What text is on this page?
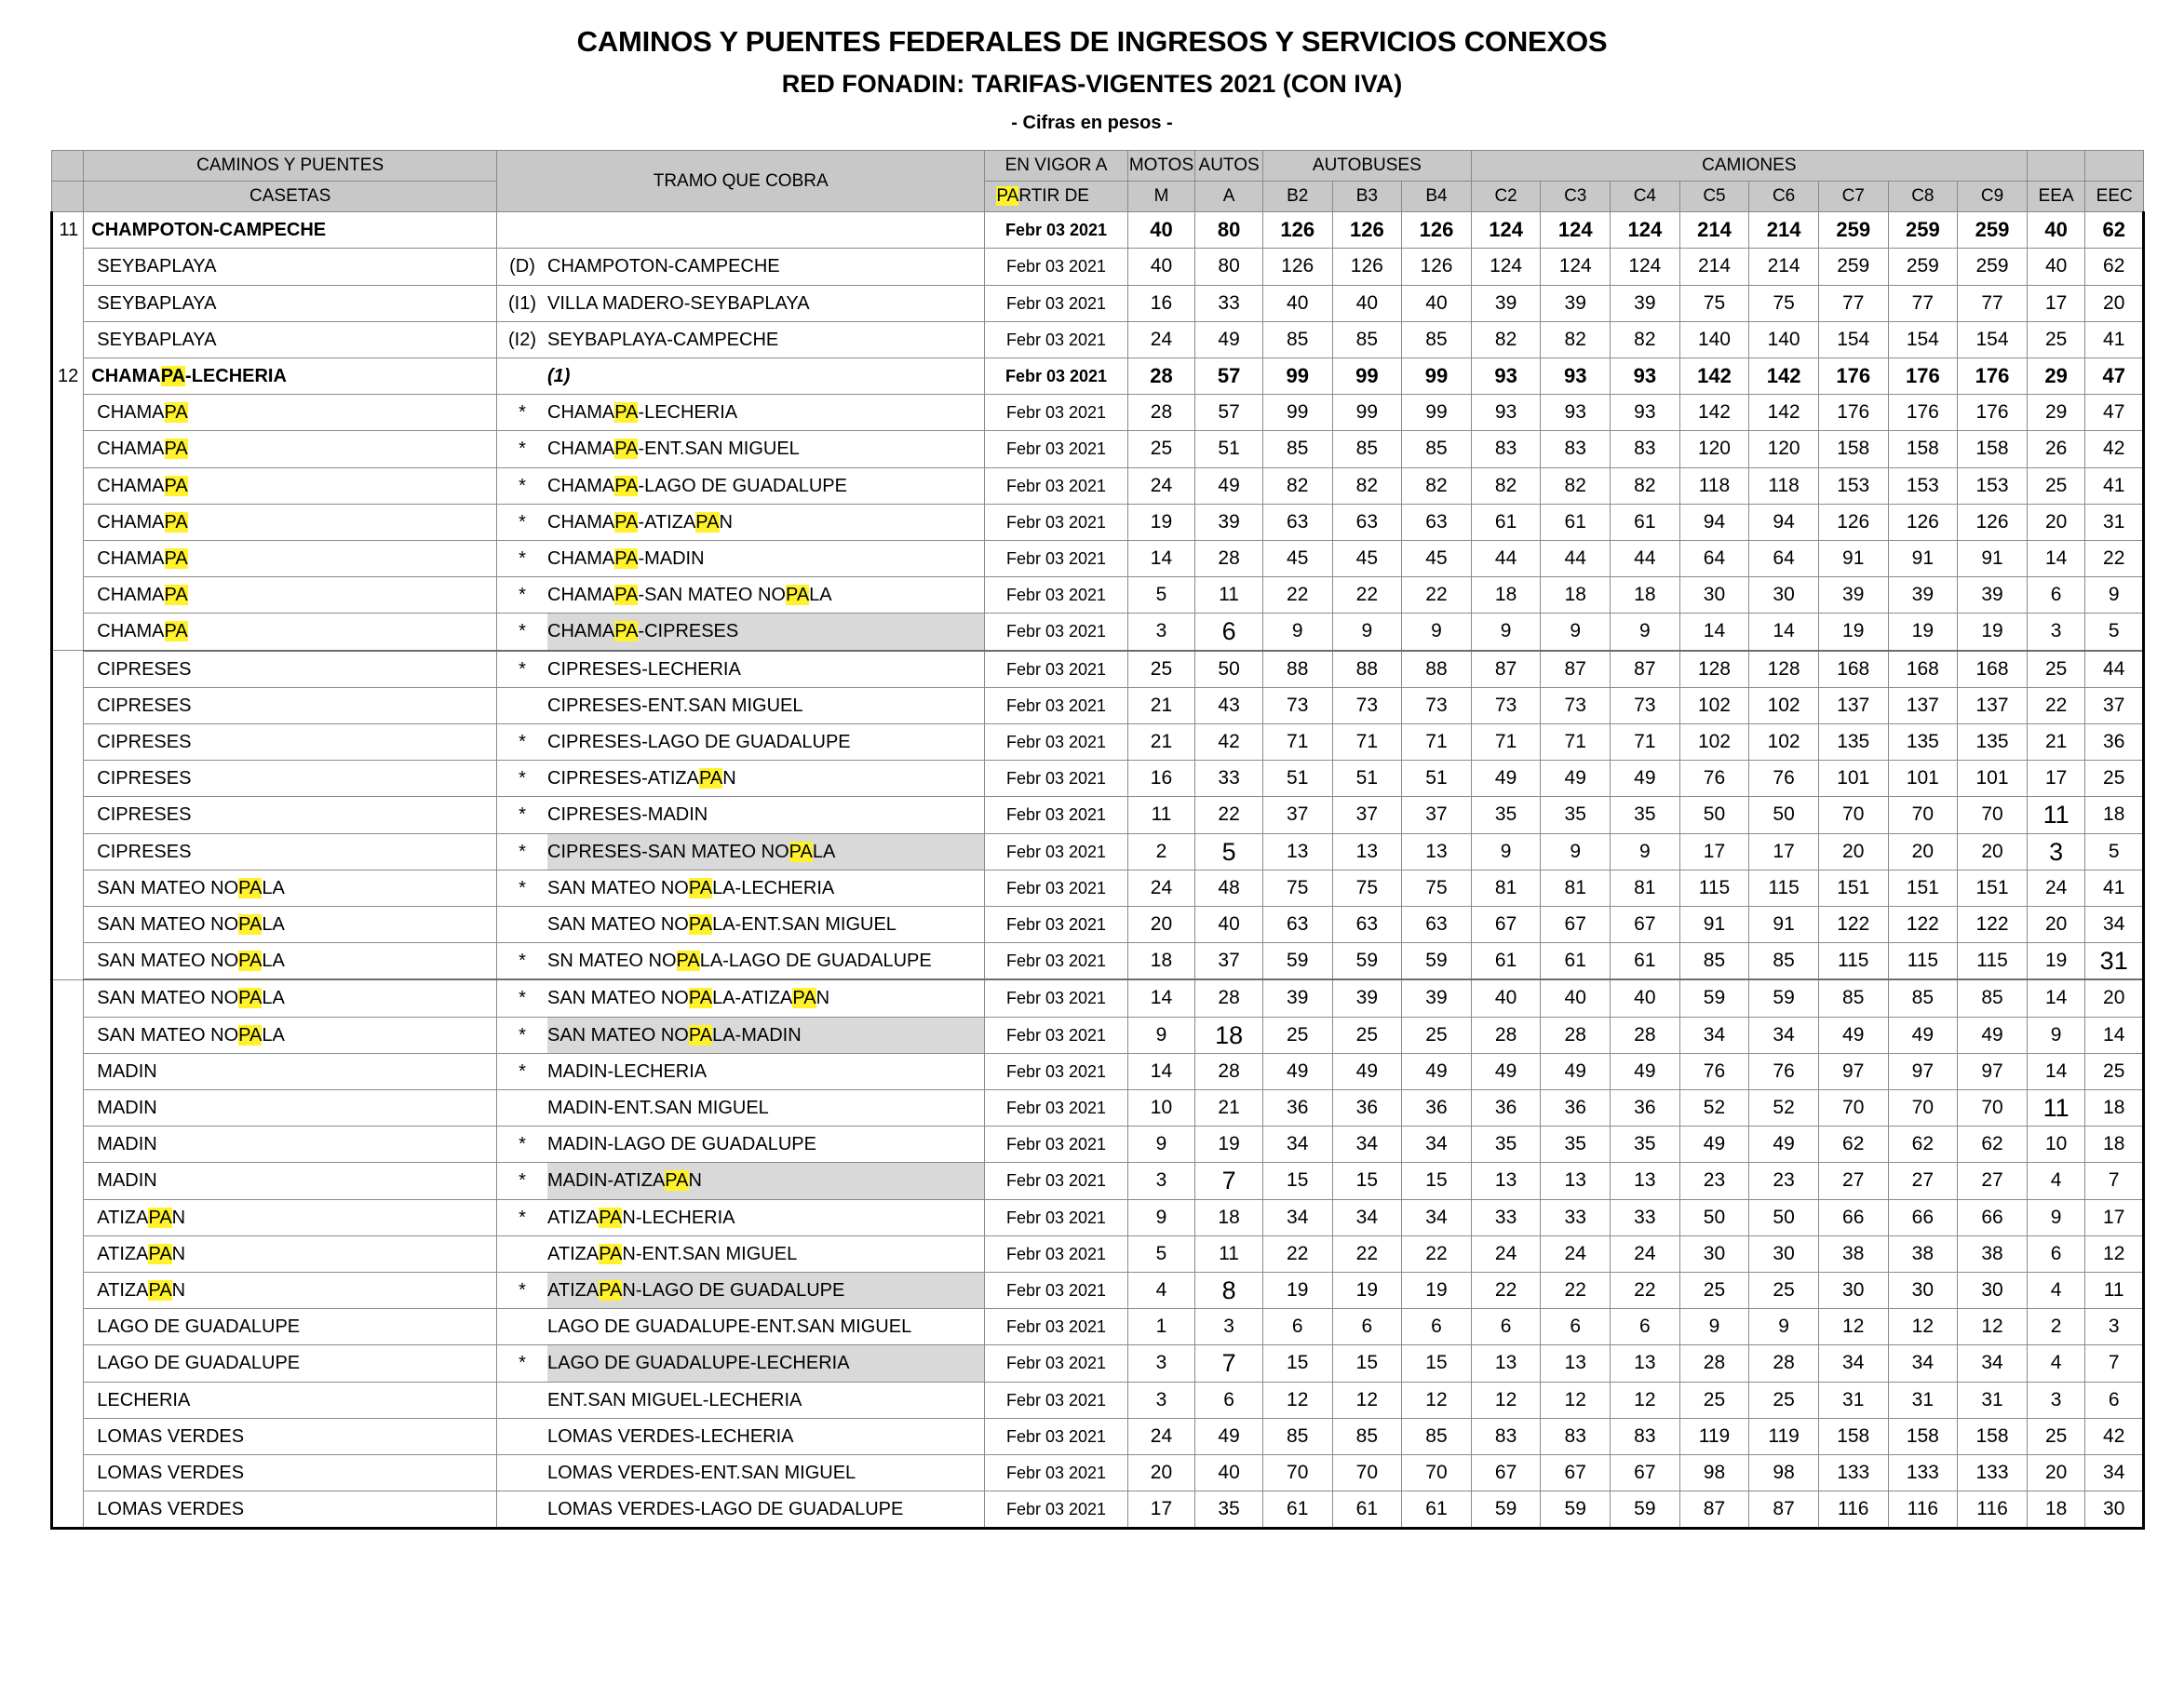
CAMINOS Y PUENTES FEDERALES DE INGRESOS Y SERVICIOS CONEXOS
RED FONADIN: TARIFAS-VIGENTES 2021 (CON IVA)
- Cifras en pesos -
	CAMINOS Y PUENTES	TRAMO QUE COBRA	EN VIGOR A	MOTOS	AUTOS	AUTOBUSES			CAMIONES									
	CASETAS		PARTIR DE	M	A	B2	B3	B4	C2	C3	C4	C5	C6	C7	C8	C9	EEA	EEC
11	CHAMPOTON-CAMPECHE		Febr 03 2021	40	80	126	126	126	124	124	124	214	214	259	259	259	40	62
	SEYBAPLAYA	(D) CHAMPOTON-CAMPECHE	Febr 03 2021	40	80	126	126	126	124	124	124	214	214	259	259	259	40	62
	SEYBAPLAYA	(I1) VILLA MADERO-SEYBAPLAYA	Febr 03 2021	16	33	40	40	40	39	39	39	75	75	77	77	77	17	20
	SEYBAPLAYA	(I2) SEYBAPLAYA-CAMPECHE	Febr 03 2021	24	49	85	85	85	82	82	82	140	140	154	154	154	25	41
12	CHAMAPA-LECHERIA	(1)	Febr 03 2021	28	57	99	99	99	93	93	93	142	142	176	176	176	29	47
	CHAMAPA	* CHAMAPA-LECHERIA	Febr 03 2021	28	57	99	99	99	93	93	93	142	142	176	176	176	29	47
	CHAMAPA	* CHAMAPA-ENT.SAN MIGUEL	Febr 03 2021	25	51	85	85	85	83	83	83	120	120	158	158	158	26	42
	CHAMAPA	* CHAMAPA-LAGO DE GUADALUPE	Febr 03 2021	24	49	82	82	82	82	82	82	118	118	153	153	153	25	41
	CHAMAPA	* CHAMAPA-ATIZAPAN	Febr 03 2021	19	39	63	63	63	61	61	61	94	94	126	126	126	20	31
	CHAMAPA	* CHAMAPA-MADIN	Febr 03 2021	14	28	45	45	45	44	44	44	64	64	91	91	91	14	22
	CHAMAPA	* CHAMAPA-SAN MATEO NOPALA	Febr 03 2021	5	11	22	22	22	18	18	18	30	30	39	39	39	6	9
	CHAMAPA	* CHAMAPA-CIPRESES	Febr 03 2021	3	6	9	9	9	9	9	9	14	14	19	19	19	3	5
	CIPRESES	* CIPRESES-LECHERIA	Febr 03 2021	25	50	88	88	88	87	87	87	128	128	168	168	168	25	44
	CIPRESES	CIPRESES-ENT.SAN MIGUEL	Febr 03 2021	21	43	73	73	73	73	73	73	102	102	137	137	137	22	37
	CIPRESES	* CIPRESES-LAGO DE GUADALUPE	Febr 03 2021	21	42	71	71	71	71	71	71	102	102	135	135	135	21	36
	CIPRESES	* CIPRESES-ATIZAPAN	Febr 03 2021	16	33	51	51	51	49	49	49	76	76	101	101	101	17	25
	CIPRESES	* CIPRESES-MADIN	Febr 03 2021	11	22	37	37	37	35	35	35	50	50	70	70	70	11	18
	CIPRESES	* CIPRESES-SAN MATEO NOPALA	Febr 03 2021	2	5	13	13	13	9	9	9	17	17	20	20	20	3	5
	SAN MATEO NOPALA	* SAN MATEO NOPALA-LECHERIA	Febr 03 2021	24	48	75	75	75	81	81	81	115	115	151	151	151	24	41
	SAN MATEO NOPALA	SAN MATEO NOPALA-ENT.SAN MIGUEL	Febr 03 2021	20	40	63	63	63	67	67	67	91	91	122	122	122	20	34
	SAN MATEO NOPALA	* SN MATEO NOPALA-LAGO DE GUADALUPE	Febr 03 2021	18	37	59	59	59	61	61	61	85	85	115	115	115	19	31
	SAN MATEO NOPALA	* SAN MATEO NOPALA-ATIZAPAN	Febr 03 2021	14	28	39	39	39	40	40	40	59	59	85	85	85	14	20
	SAN MATEO NOPALA	* SAN MATEO NOPALA-MADIN	Febr 03 2021	9	18	25	25	25	28	28	28	34	34	49	49	49	9	14
	MADIN	* MADIN-LECHERIA	Febr 03 2021	14	28	49	49	49	49	49	49	76	76	97	97	97	14	25
	MADIN	MADIN-ENT.SAN MIGUEL	Febr 03 2021	10	21	36	36	36	36	36	36	52	52	70	70	70	11	18
	MADIN	* MADIN-LAGO DE GUADALUPE	Febr 03 2021	9	19	34	34	34	35	35	35	49	49	62	62	62	10	18
	MADIN	* MADIN-ATIZAPAN	Febr 03 2021	3	7	15	15	15	13	13	13	23	23	27	27	27	4	7
	ATIZAPAN	* ATIZAPAN-LECHERIA	Febr 03 2021	9	18	34	34	34	33	33	33	50	50	66	66	66	9	17
	ATIZAPAN	ATIZAPAN-ENT.SAN MIGUEL	Febr 03 2021	5	11	22	22	22	24	24	24	30	30	38	38	38	6	12
	ATIZAPAN	* ATIZAPAN-LAGO DE GUADALUPE	Febr 03 2021	4	8	19	19	19	22	22	22	25	25	30	30	30	4	11
	LAGO DE GUADALUPE	LAGO DE GUADALUPE-ENT.SAN MIGUEL	Febr 03 2021	1	3	6	6	6	6	6	6	9	9	12	12	12	2	3
	LAGO DE GUADALUPE	* LAGO DE GUADALUPE-LECHERIA	Febr 03 2021	3	7	15	15	15	13	13	13	28	28	34	34	34	4	7
	LECHERIA	ENT.SAN MIGUEL-LECHERIA	Febr 03 2021	3	6	12	12	12	12	12	12	25	25	31	31	31	3	6
	LOMAS VERDES	LOMAS VERDES-LECHERIA	Febr 03 2021	24	49	85	85	85	83	83	83	119	119	158	158	158	25	42
	LOMAS VERDES	LOMAS VERDES-ENT.SAN MIGUEL	Febr 03 2021	20	40	70	70	70	67	67	67	98	98	133	133	133	20	34
	LOMAS VERDES	LOMAS VERDES-LAGO DE GUADALUPE	Febr 03 2021	17	35	61	61	61	59	59	59	87	87	116	116	116	18	30
